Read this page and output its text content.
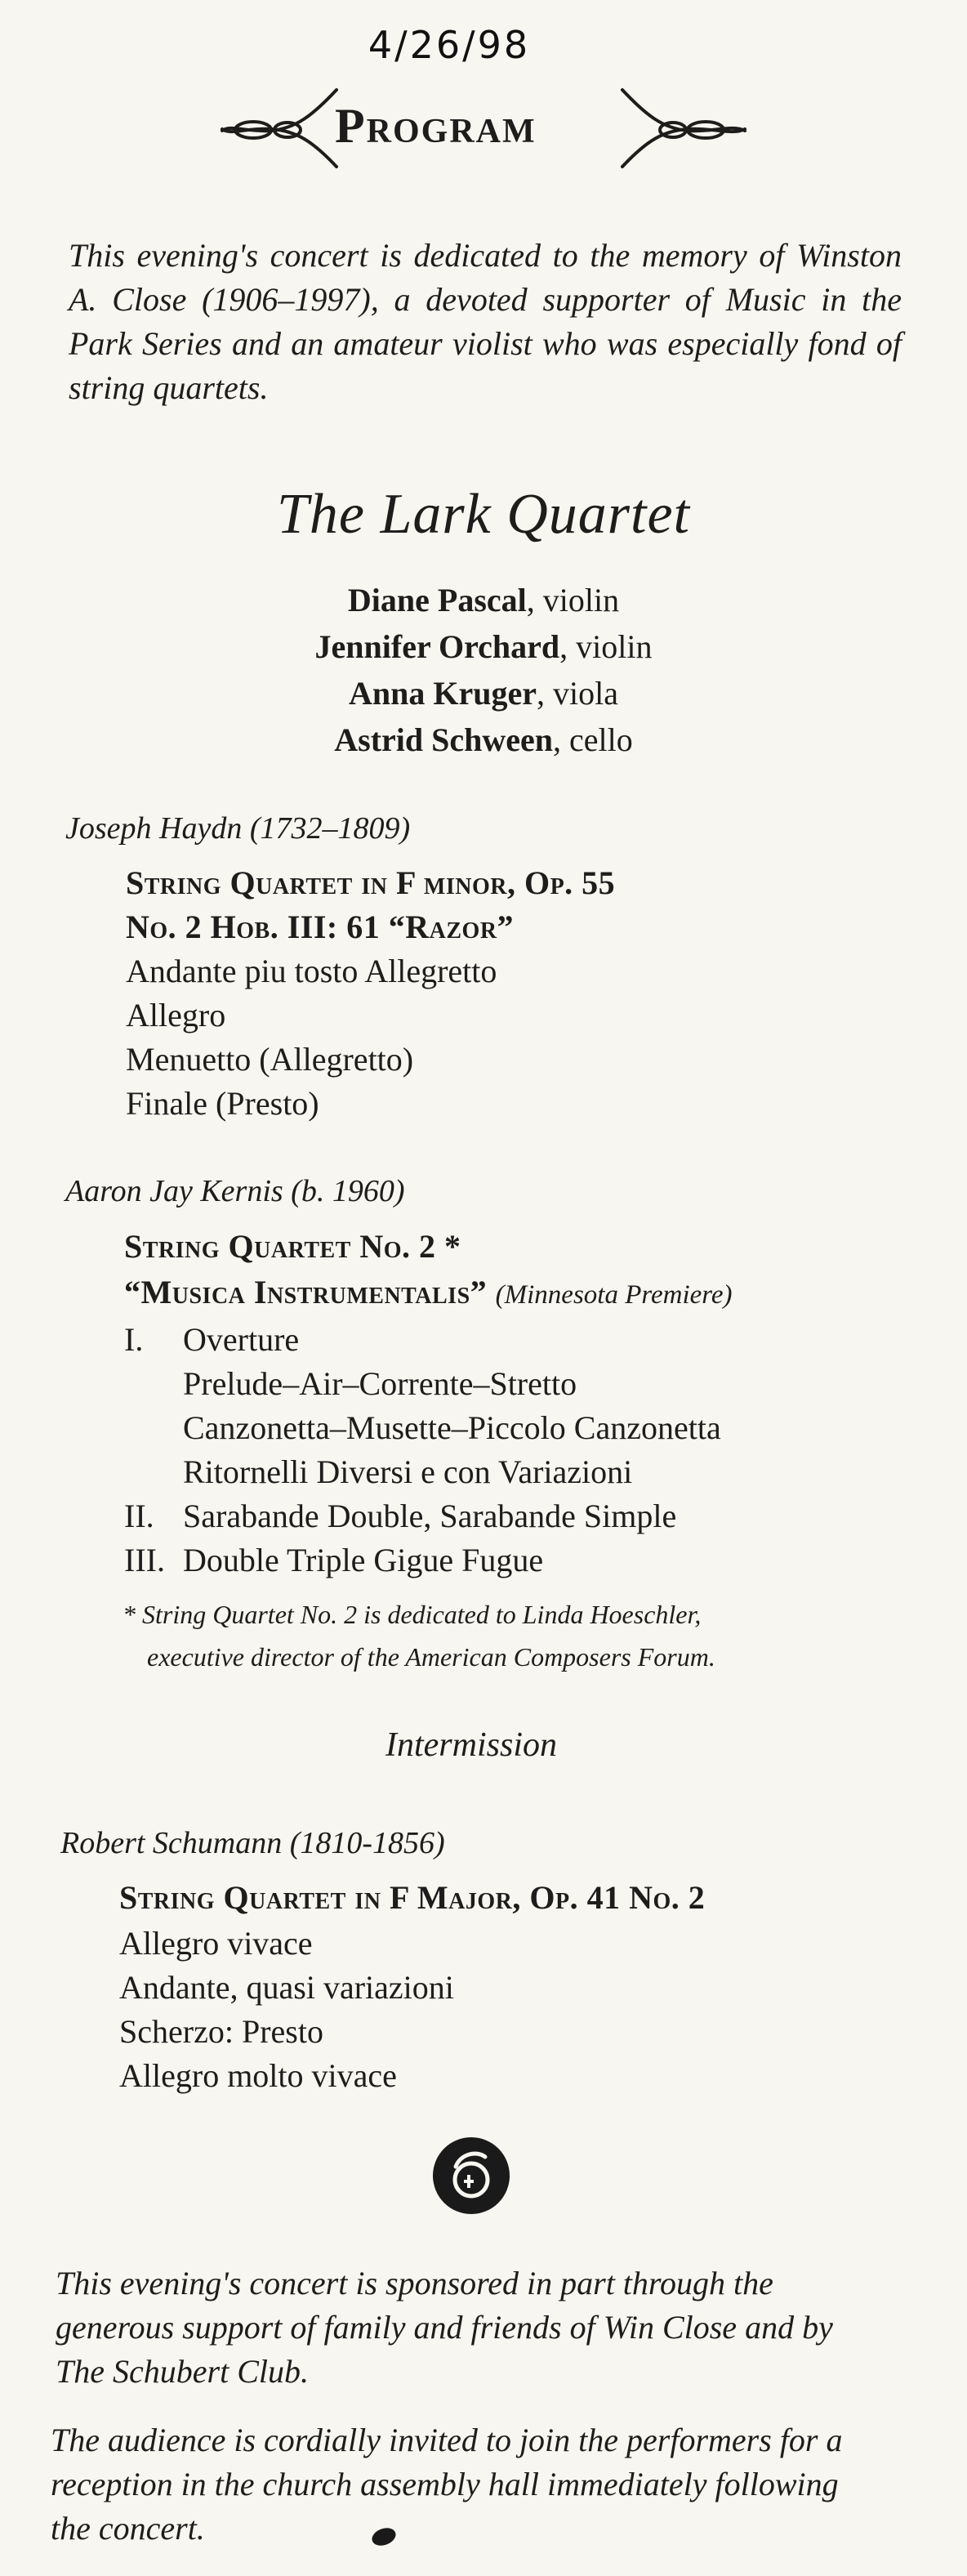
4/26/98
Program
This evening's concert is dedicated to the memory of Winston A. Close (1906–1997), a devoted supporter of Music in the Park Series and an amateur violist who was especially fond of string quartets.
The Lark Quartet
Diane Pascal, violin
Jennifer Orchard, violin
Anna Kruger, viola
Astrid Schween, cello
Joseph Haydn (1732–1809)
String Quartet in F minor, Op. 55
No. 2 Hob. III: 61 “Razor”
Andante piu tosto Allegretto
Allegro
Menuetto (Allegretto)
Finale (Presto)
Aaron Jay Kernis (b. 1960)
String Quartet No. 2 *
“Musica Instrumentalis” (Minnesota Premiere)
I. Overture
Prelude–Air–Corrente–Stretto
Canzonetta–Musette–Piccolo Canzonetta
Ritornelli Diversi e con Variazioni
II. Sarabande Double, Sarabande Simple
III. Double Triple Gigue Fugue
* String Quartet No. 2 is dedicated to Linda Hoeschler,
executive director of the American Composers Forum.
Intermission
Robert Schumann (1810-1856)
String Quartet in F Major, Op. 41 No. 2
Allegro vivace
Andante, quasi variazioni
Scherzo: Presto
Allegro molto vivace
This evening's concert is sponsored in part through the generous support of family and friends of Win Close and by The Schubert Club.
The audience is cordially invited to join the performers for a reception in the church assembly hall immediately following the concert.
